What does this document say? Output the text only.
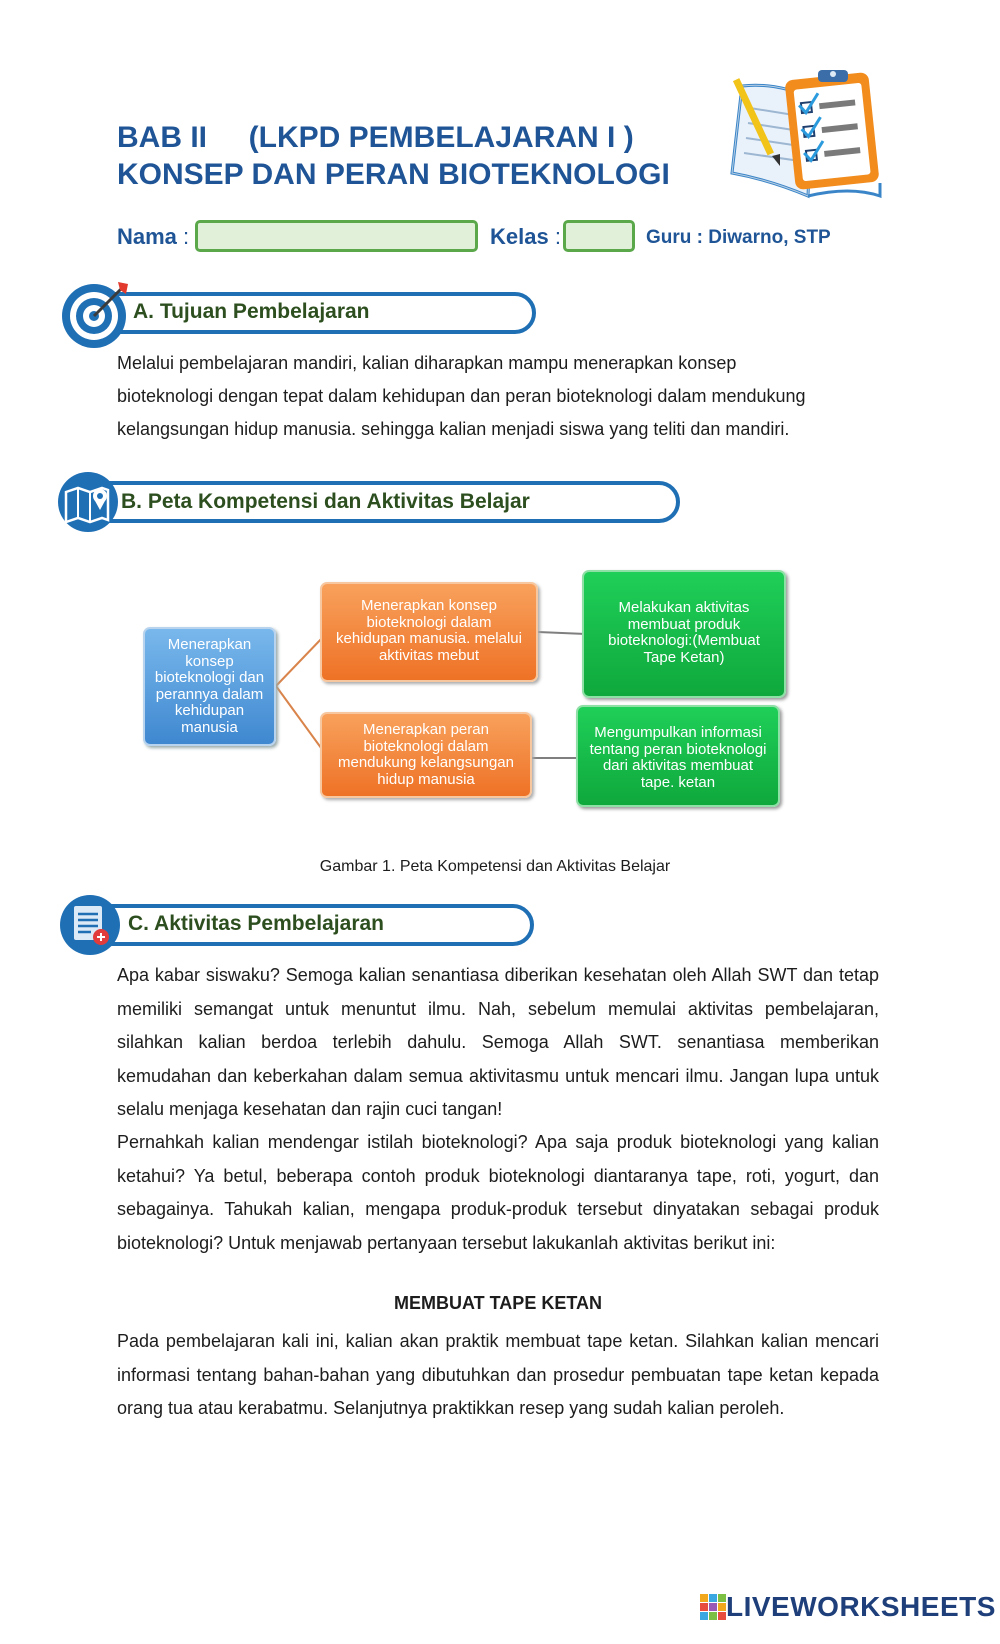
BAB II     (LKPD PEMBELAJARAN I )
KONSEP DAN PERAN BIOTEKNOLOGI
Nama :	Kelas :	Guru : Diwarno, STP
A. Tujuan Pembelajaran

Melalui pembelajaran mandiri, kalian diharapkan mampu menerapkan konsep

bioteknologi dengan tepat dalam kehidupan dan peran bioteknologi dalam mendukung

kelangsungan hidup manusia. sehingga kalian menjadi siswa yang teliti dan mandiri.

B. Peta Kompetensi dan Aktivitas Belajar
Menerapkan
konsep
bioteknologi dan
perannya dalam
kehidupan
manusia
Menerapkan konsep
bioteknologi dalam
kehidupan manusia. melalui
aktivitas mebut
Menerapkan peran
bioteknologi dalam
mendukung kelangsungan
hidup manusia
Melakukan aktivitas
membuat produk
bioteknologi:(Membuat
Tape Ketan)
Mengumpulkan informasi
tentang peran bioteknologi
dari aktivitas membuat
tape. ketan

Gambar 1. Peta Kompetensi dan Aktivitas Belajar

C. Aktivitas Pembelajaran

Apa kabar siswaku? Semoga kalian senantiasa diberikan kesehatan oleh Allah SWT dan tetap memiliki semangat untuk menuntut ilmu. Nah, sebelum memulai aktivitas pembelajaran, silahkan kalian berdoa terlebih dahulu. Semoga Allah SWT. senantiasa memberikan kemudahan dan keberkahan dalam semua aktivitasmu untuk mencari ilmu. Jangan lupa untuk selalu menjaga kesehatan dan rajin cuci tangan!

Pernahkah kalian mendengar istilah bioteknologi? Apa saja produk bioteknologi yang kalian ketahui? Ya betul, beberapa contoh produk bioteknologi diantaranya tape, roti, yogurt, dan sebagainya. Tahukah kalian, mengapa produk-produk tersebut dinyatakan sebagai produk bioteknologi? Untuk menjawab pertanyaan tersebut lakukanlah aktivitas berikut ini:

MEMBUAT TAPE KETAN

Pada pembelajaran kali ini, kalian akan praktik membuat tape ketan. Silahkan kalian mencari informasi tentang bahan-bahan yang dibutuhkan dan prosedur pembuatan tape ketan kepada orang tua atau kerabatmu. Selanjutnya praktikkan resep yang sudah kalian peroleh.

LIVEWORKSHEETS
